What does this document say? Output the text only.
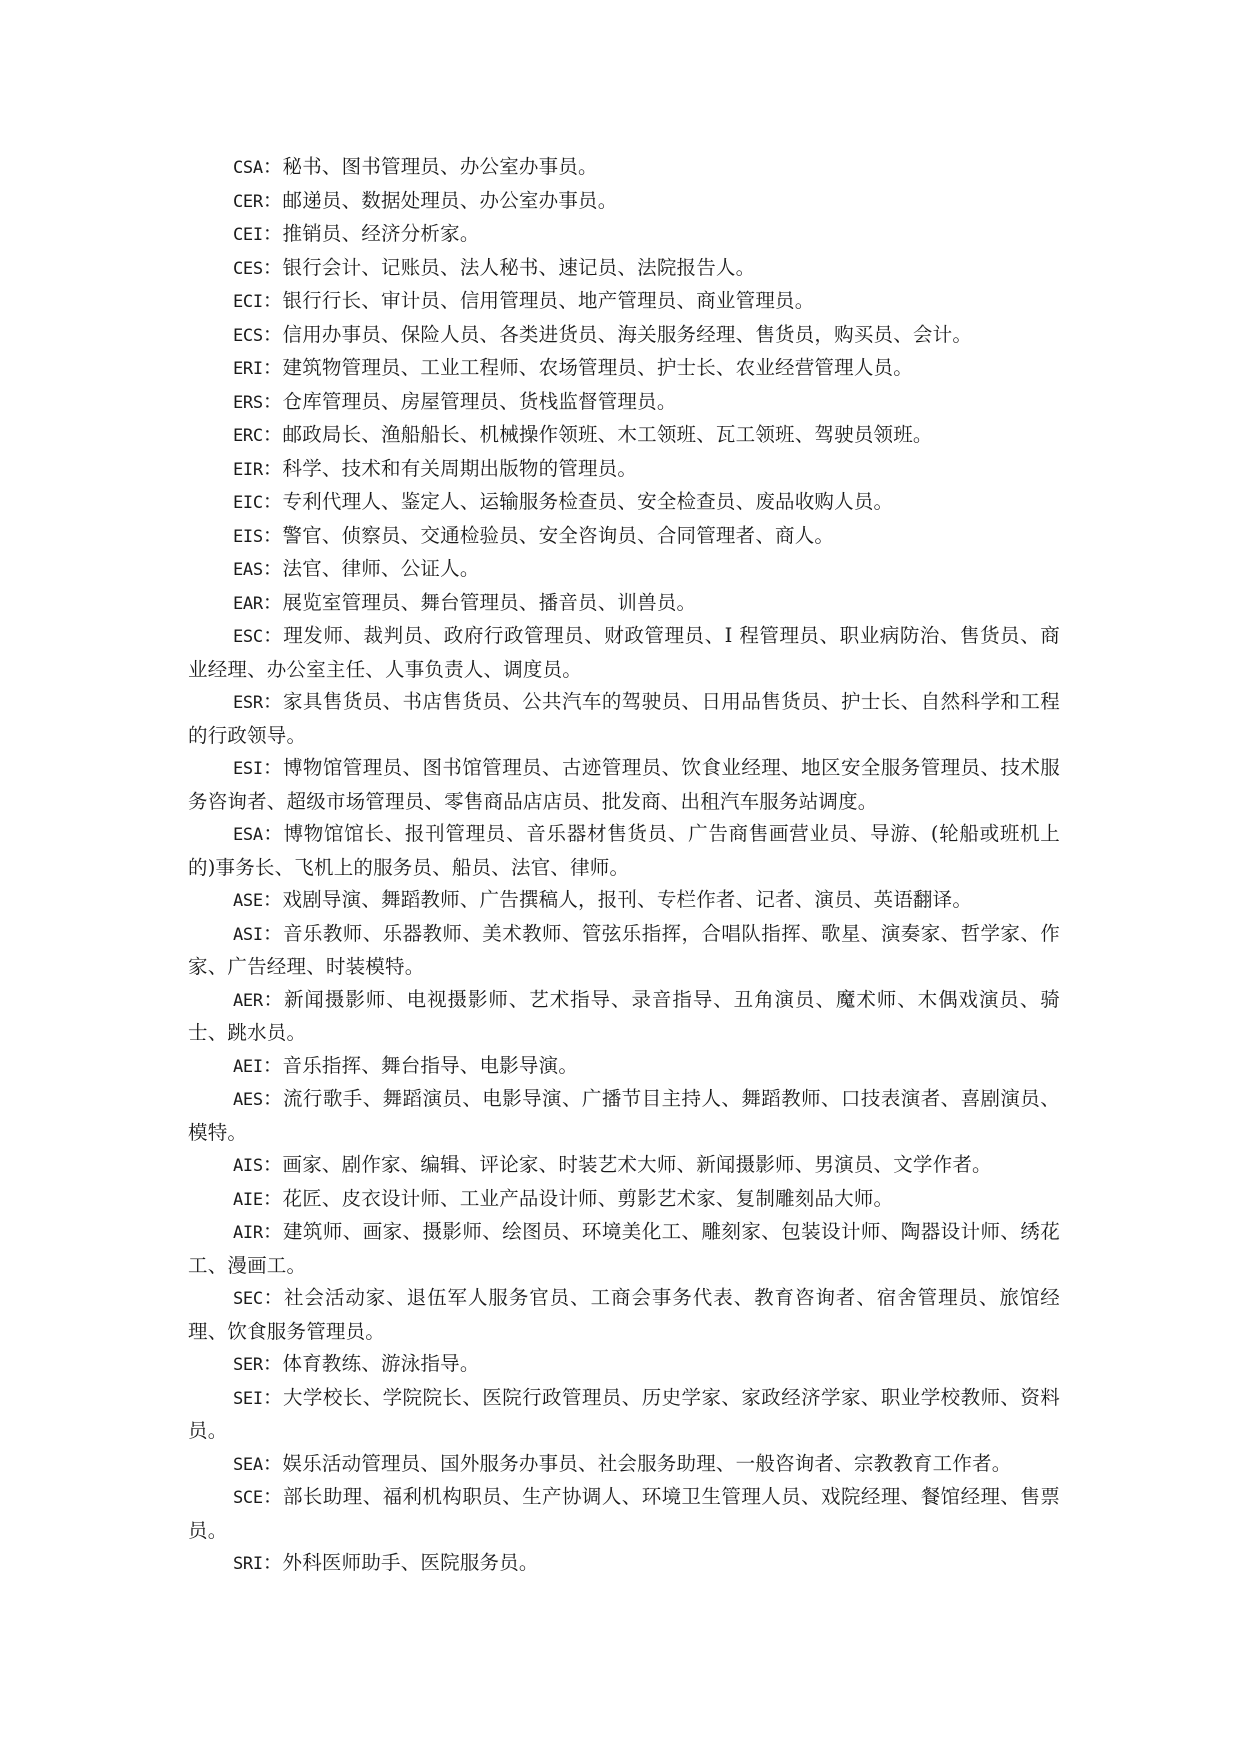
CSA：秘书、图书管理员、办公室办事员。

CER：邮递员、数据处理员、办公室办事员。

CEI：推销员、经济分析家。

CES：银行会计、记账员、法人秘书、速记员、法院报告人。

ECI：银行行长、审计员、信用管理员、地产管理员、商业管理员。

ECS：信用办事员、保险人员、各类进货员、海关服务经理、售货员，购买员、会计。

ERI：建筑物管理员、工业工程师、农场管理员、护士长、农业经营管理人员。

ERS：仓库管理员、房屋管理员、货栈监督管理员。

ERC：邮政局长、渔船船长、机械操作领班、木工领班、瓦工领班、驾驶员领班。

EIR：科学、技术和有关周期出版物的管理员。

EIC：专利代理人、鉴定人、运输服务检查员、安全检查员、废品收购人员。

EIS：警官、侦察员、交通检验员、安全咨询员、合同管理者、商人。

EAS：法官、律师、公证人。

EAR：展览室管理员、舞台管理员、播音员、训兽员。

ESC：理发师、裁判员、政府行政管理员、财政管理员、I 程管理员、职业病防治、售货员、商业经理、办公室主任、人事负责人、调度员。

ESR：家具售货员、书店售货员、公共汽车的驾驶员、日用品售货员、护士长、自然科学和工程的行政领导。

ESI：博物馆管理员、图书馆管理员、古迹管理员、饮食业经理、地区安全服务管理员、技术服务咨询者、超级市场管理员、零售商品店店员、批发商、出租汽车服务站调度。

ESA：博物馆馆长、报刊管理员、音乐器材售货员、广告商售画营业员、导游、(轮船或班机上的)事务长、飞机上的服务员、船员、法官、律师。

ASE：戏剧导演、舞蹈教师、广告撰稿人，报刊、专栏作者、记者、演员、英语翻译。

ASI：音乐教师、乐器教师、美术教师、管弦乐指挥，合唱队指挥、歌星、演奏家、哲学家、作家、广告经理、时装模特。

AER：新闻摄影师、电视摄影师、艺术指导、录音指导、丑角演员、魔术师、木偶戏演员、骑士、跳水员。

AEI：音乐指挥、舞台指导、电影导演。

AES：流行歌手、舞蹈演员、电影导演、广播节目主持人、舞蹈教师、口技表演者、喜剧演员、模特。

AIS：画家、剧作家、编辑、评论家、时装艺术大师、新闻摄影师、男演员、文学作者。

AIE：花匠、皮衣设计师、工业产品设计师、剪影艺术家、复制雕刻品大师。

AIR：建筑师、画家、摄影师、绘图员、环境美化工、雕刻家、包装设计师、陶器设计师、绣花工、漫画工。

SEC：社会活动家、退伍军人服务官员、工商会事务代表、教育咨询者、宿舍管理员、旅馆经理、饮食服务管理员。

SER：体育教练、游泳指导。

SEI：大学校长、学院院长、医院行政管理员、历史学家、家政经济学家、职业学校教师、资料员。

SEA：娱乐活动管理员、国外服务办事员、社会服务助理、一般咨询者、宗教教育工作者。

SCE：部长助理、福利机构职员、生产协调人、环境卫生管理人员、戏院经理、餐馆经理、售票员。

SRI：外科医师助手、医院服务员。
